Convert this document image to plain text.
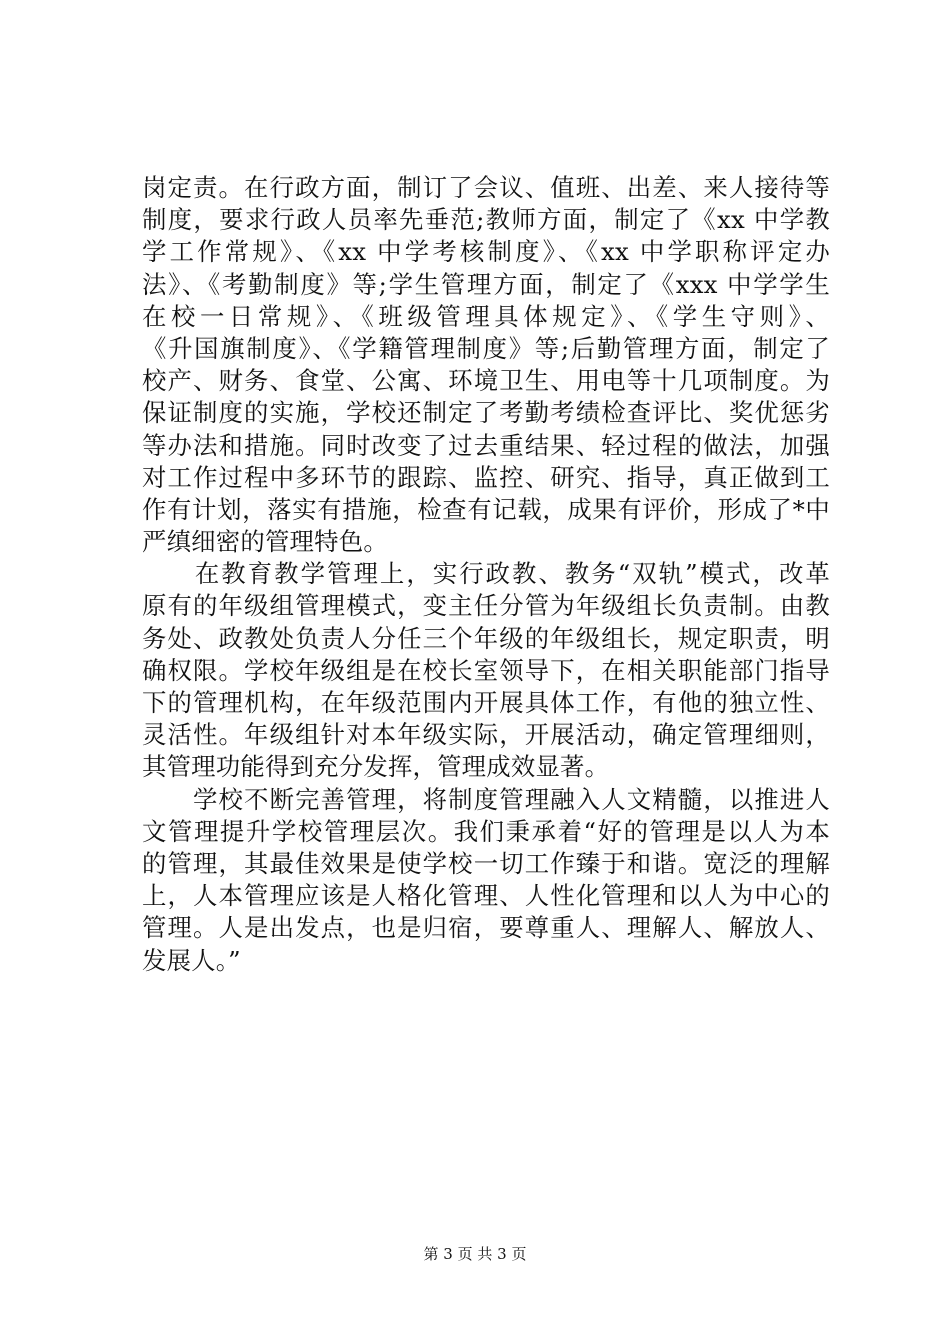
岗定责。在行政方面，制订了会议、值班、出差、来人接待等
制度，要求行政人员率先垂范;教师方面，制定了《xx 中学教
学工作常规》、《xx 中学考核制度》、《xx 中学职称评定办
法》、《考勤制度》等;学生管理方面，制定了《xxx 中学学生
在校一日常规》、《班级管理具体规定》、《学生守则》、
《升国旗制度》、《学籍管理制度》等;后勤管理方面，制定了
校产、财务、食堂、公寓、环境卫生、用电等十几项制度。为
保证制度的实施，学校还制定了考勤考绩检查评比、奖优惩劣
等办法和措施。同时改变了过去重结果、轻过程的做法，加强
对工作过程中多环节的跟踪、监控、研究、指导，真正做到工
作有计划，落实有措施，检查有记载，成果有评价，形成了*中
严缜细密的管理特色。
　　在教育教学管理上，实行政教、教务“双轨”模式，改革
原有的年级组管理模式，变主任分管为年级组长负责制。由教
务处、政教处负责人分任三个年级的年级组长，规定职责，明
确权限。学校年级组是在校长室领导下，在相关职能部门指导
下的管理机构，在年级范围内开展具体工作，有他的独立性、
灵活性。年级组针对本年级实际，开展活动，确定管理细则，
其管理功能得到充分发挥，管理成效显著。
　　学校不断完善管理，将制度管理融入人文精髓，以推进人
文管理提升学校管理层次。我们秉承着“好的管理是以人为本
的管理，其最佳效果是使学校一切工作臻于和谐。宽泛的理解
上，人本管理应该是人格化管理、人性化管理和以人为中心的
管理。人是出发点，也是归宿，要尊重人、理解人、解放人、
发展人。”
第 3 页 共 3 页
